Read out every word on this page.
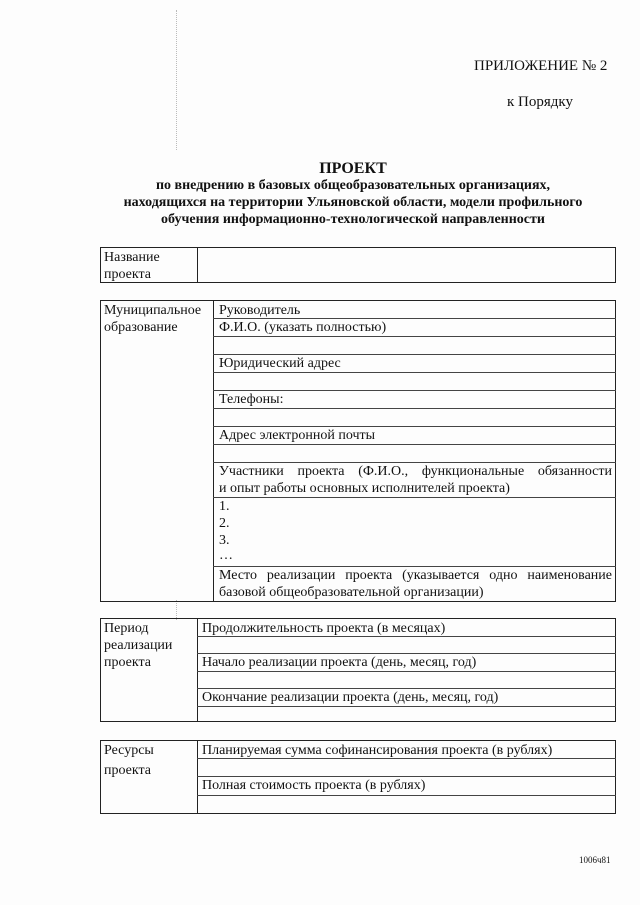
ПРИЛОЖЕНИЕ № 2
к Порядку
ПРОЕКТ
по внедрению в базовых общеобразовательных организациях,
находящихся на территории Ульяновской области, модели профильного
обучения информационно-технологической направленности
Название
проекта
Муниципальное
образование
Руководитель
Ф.И.О. (указать полностью)
Юридический адрес
Телефоны:
Адрес электронной почты
Участники проекта (Ф.И.О., функциональные обязанности
и опыт работы основных исполнителей проекта)
1.
2.
3.
…
Место реализации проекта (указывается одно наименование
базовой общеобразовательной организации)
Период
реализации
проекта
Продолжительность проекта (в месяцах)
Начало реализации проекта (день, месяц, год)
Окончание реализации проекта (день, месяц, год)
Ресурсы
проекта
Планируемая сумма софинансирования проекта (в рублях)
Полная стоимость проекта (в рублях)
1006ч81
